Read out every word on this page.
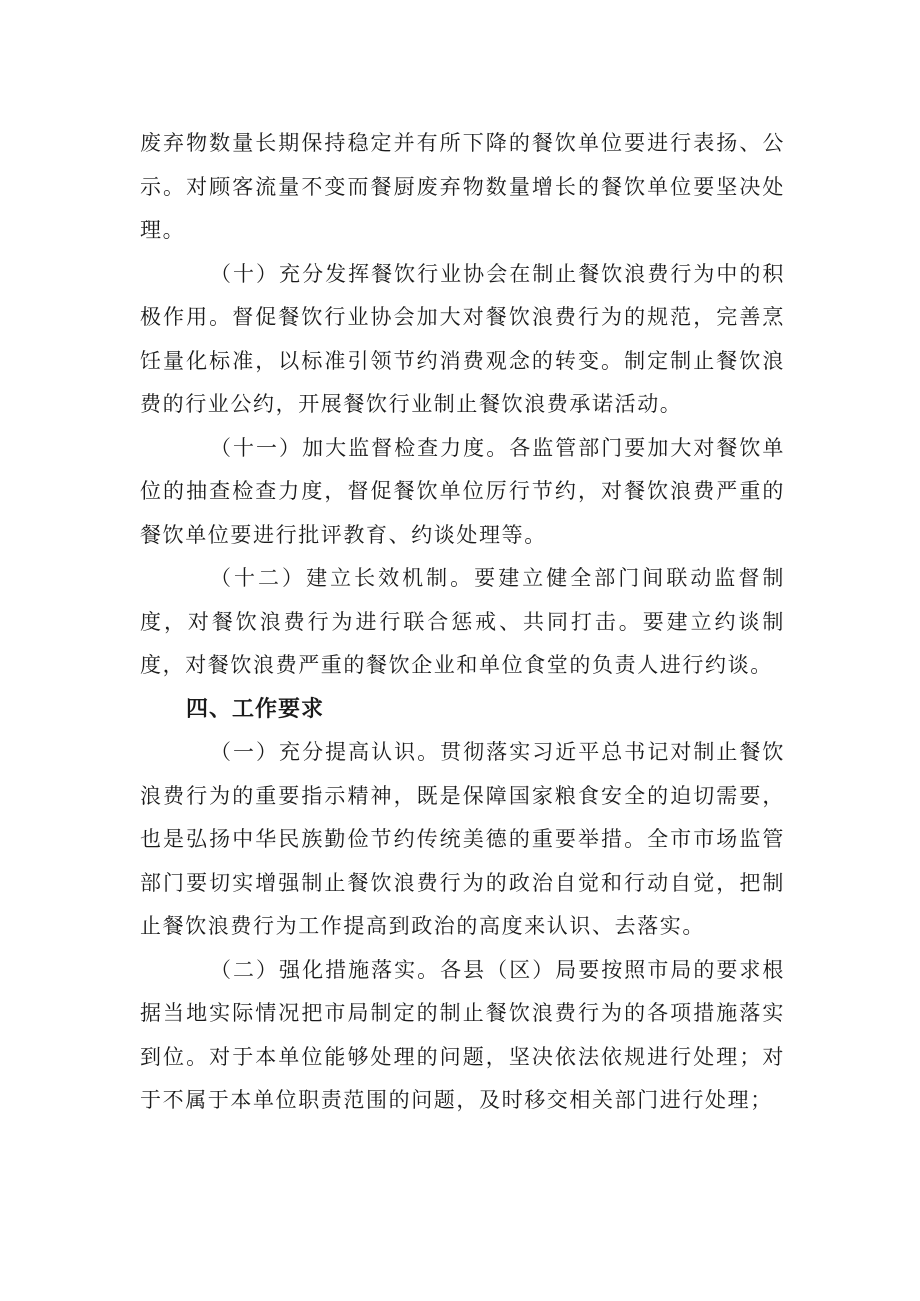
废弃物数量长期保持稳定并有所下降的餐饮单位要进行表扬、公示。对顾客流量不变而餐厨废弃物数量增长的餐饮单位要坚决处理。

（十）充分发挥餐饮行业协会在制止餐饮浪费行为中的积极作用。督促餐饮行业协会加大对餐饮浪费行为的规范，完善烹饪量化标准，以标准引领节约消费观念的转变。制定制止餐饮浪费的行业公约，开展餐饮行业制止餐饮浪费承诺活动。

（十一）加大监督检查力度。各监管部门要加大对餐饮单位的抽查检查力度，督促餐饮单位厉行节约，对餐饮浪费严重的餐饮单位要进行批评教育、约谈处理等。

（十二）建立长效机制。要建立健全部门间联动监督制度，对餐饮浪费行为进行联合惩戒、共同打击。要建立约谈制度，对餐饮浪费严重的餐饮企业和单位食堂的负责人进行约谈。

四、工作要求

（一）充分提高认识。贯彻落实习近平总书记对制止餐饮浪费行为的重要指示精神，既是保障国家粮食安全的迫切需要，也是弘扬中华民族勤俭节约传统美德的重要举措。全市市场监管部门要切实增强制止餐饮浪费行为的政治自觉和行动自觉，把制止餐饮浪费行为工作提高到政治的高度来认识、去落实。

（二）强化措施落实。各县（区）局要按照市局的要求根据当地实际情况把市局制定的制止餐饮浪费行为的各项措施落实到位。对于本单位能够处理的问题，坚决依法依规进行处理；对于不属于本单位职责范围的问题，及时移交相关部门进行处理；
